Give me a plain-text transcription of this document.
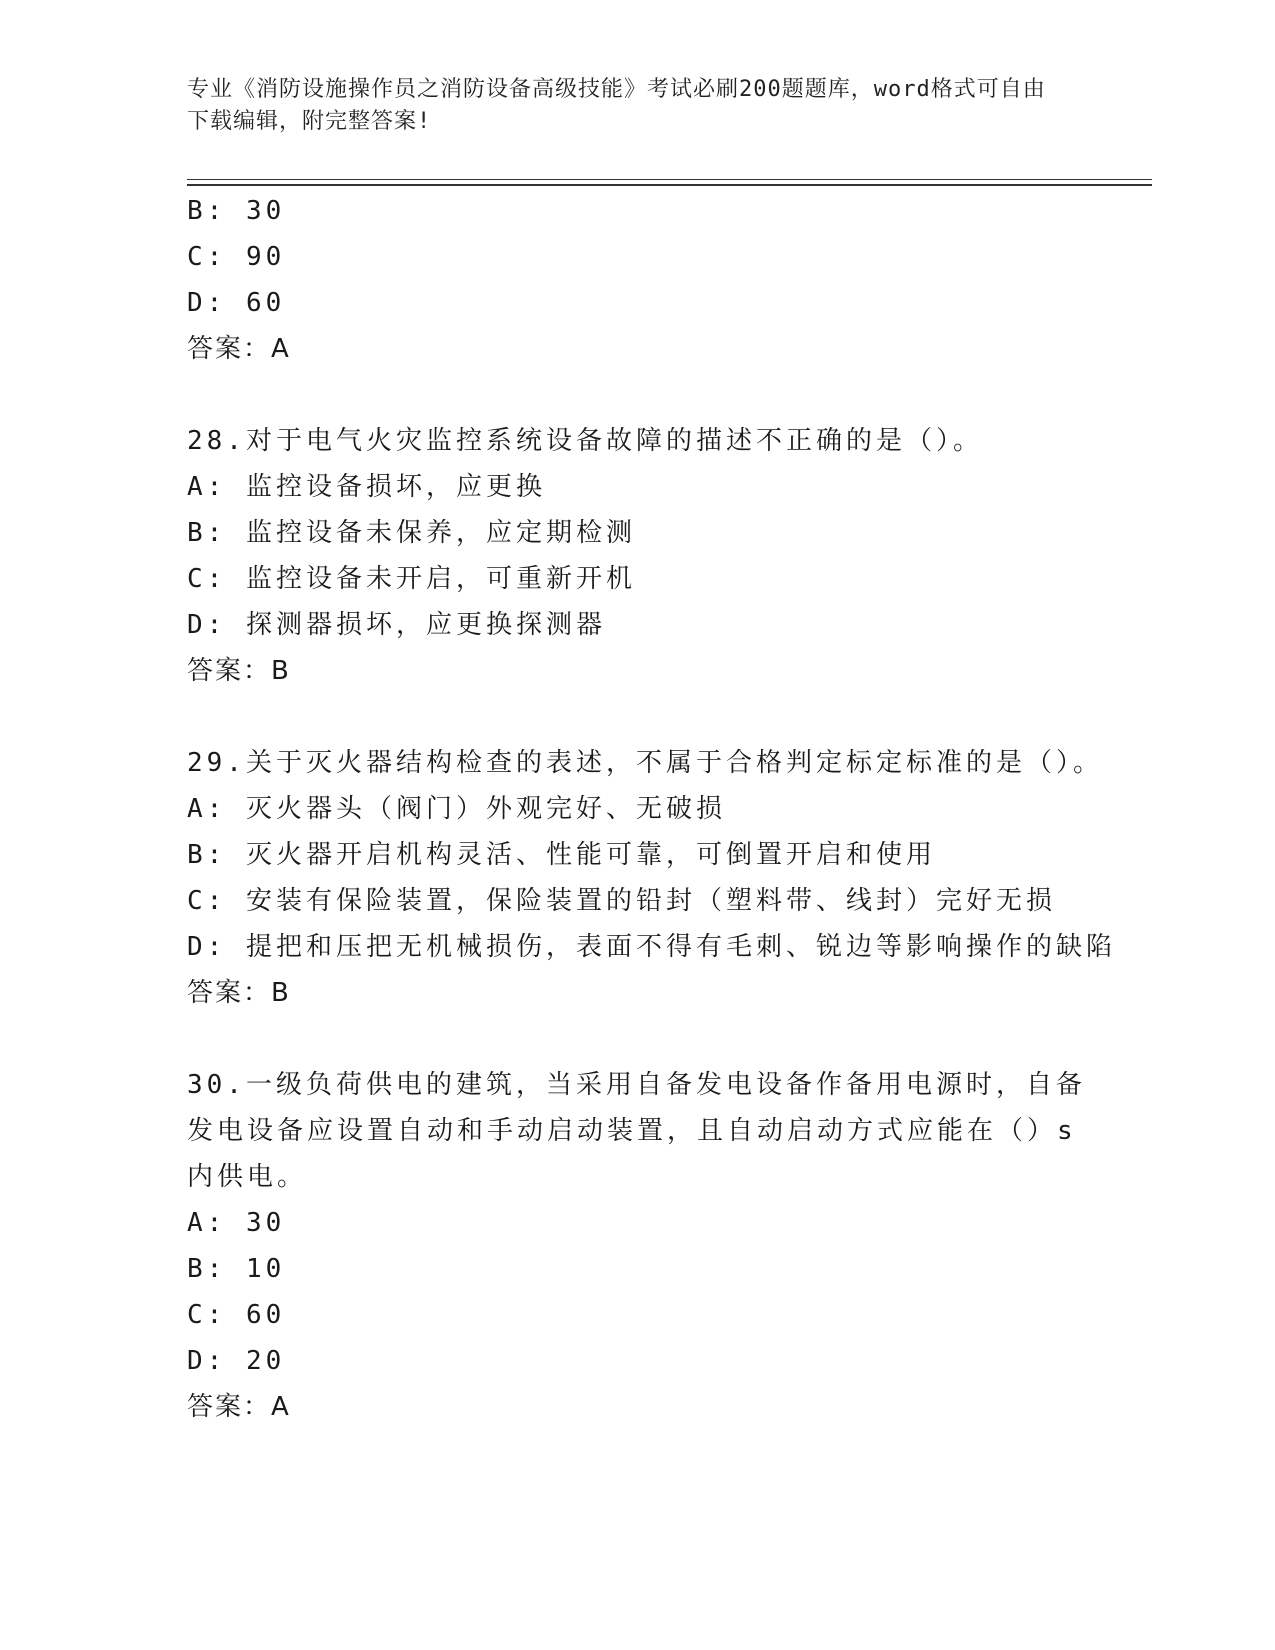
专业《消防设施操作员之消防设备高级技能》考试必刷200题题库，word格式可自由下载编辑，附完整答案!
B: 30
C: 90
D: 60
答案：A
28.对于电气火灾监控系统设备故障的描述不正确的是（）。
A: 监控设备损坏，应更换
B: 监控设备未保养，应定期检测
C: 监控设备未开启，可重新开机
D: 探测器损坏，应更换探测器
答案：B
29.关于灭火器结构检查的表述，不属于合格判定标定标准的是（）。
A: 灭火器头（阀门）外观完好、无破损
B: 灭火器开启机构灵活、性能可靠，可倒置开启和使用
C: 安装有保险装置，保险装置的铅封（塑料带、线封）完好无损
D: 提把和压把无机械损伤，表面不得有毛刺、锐边等影响操作的缺陷
答案：B
30.一级负荷供电的建筑，当采用自备发电设备作备用电源时，自备发电设备应设置自动和手动启动装置，且自动启动方式应能在（）s内供电。
A: 30
B: 10
C: 60
D: 20
答案：A
